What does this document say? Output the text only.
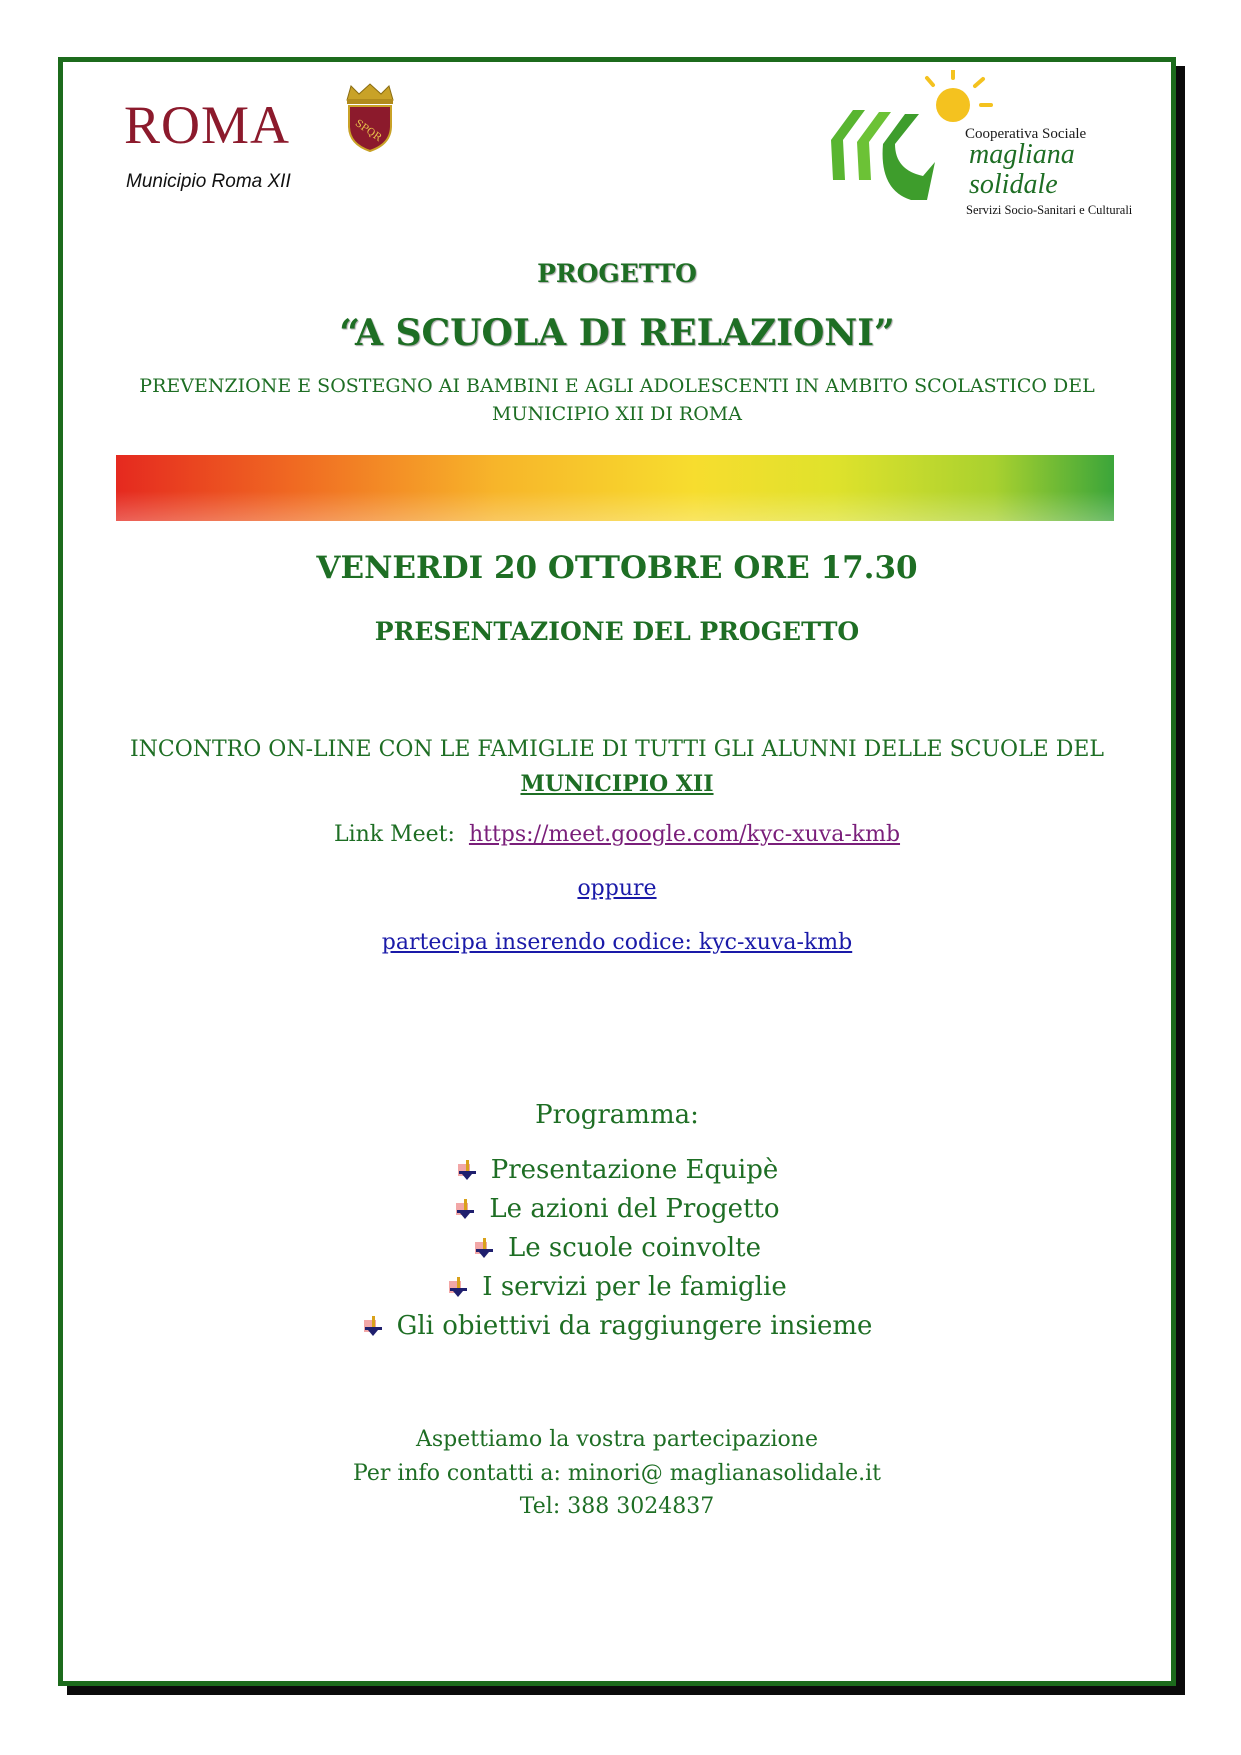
ROMA
Municipio Roma XII
SPQR	Cooperativa Sociale
magliana
solidale
Servizi Socio-Sanitari e Culturali
PROGETTO
“A SCUOLA DI RELAZIONI”
PREVENZIONE E SOSTEGNO AI BAMBINI E AGLI ADOLESCENTI IN AMBITO SCOLASTICO DEL MUNICIPIO XII DI ROMA
VENERDI 20 OTTOBRE ORE 17.30
PRESENTAZIONE DEL PROGETTO
INCONTRO ON-LINE CON LE FAMIGLIE DI TUTTI GLI ALUNNI DELLE SCUOLE DEL MUNICIPIO XII
Link Meet: https://meet.google.com/kyc-xuva-kmb
oppure
partecipa inserendo codice: kyc-xuva-kmb
Programma:
Presentazione Equipè
Le azioni del Progetto
Le scuole coinvolte
I servizi per le famiglie
Gli obiettivi da raggiungere insieme
Aspettiamo la vostra partecipazione
Per info contatti a: minori@ maglianasolidale.it
Tel: 388 3024837
